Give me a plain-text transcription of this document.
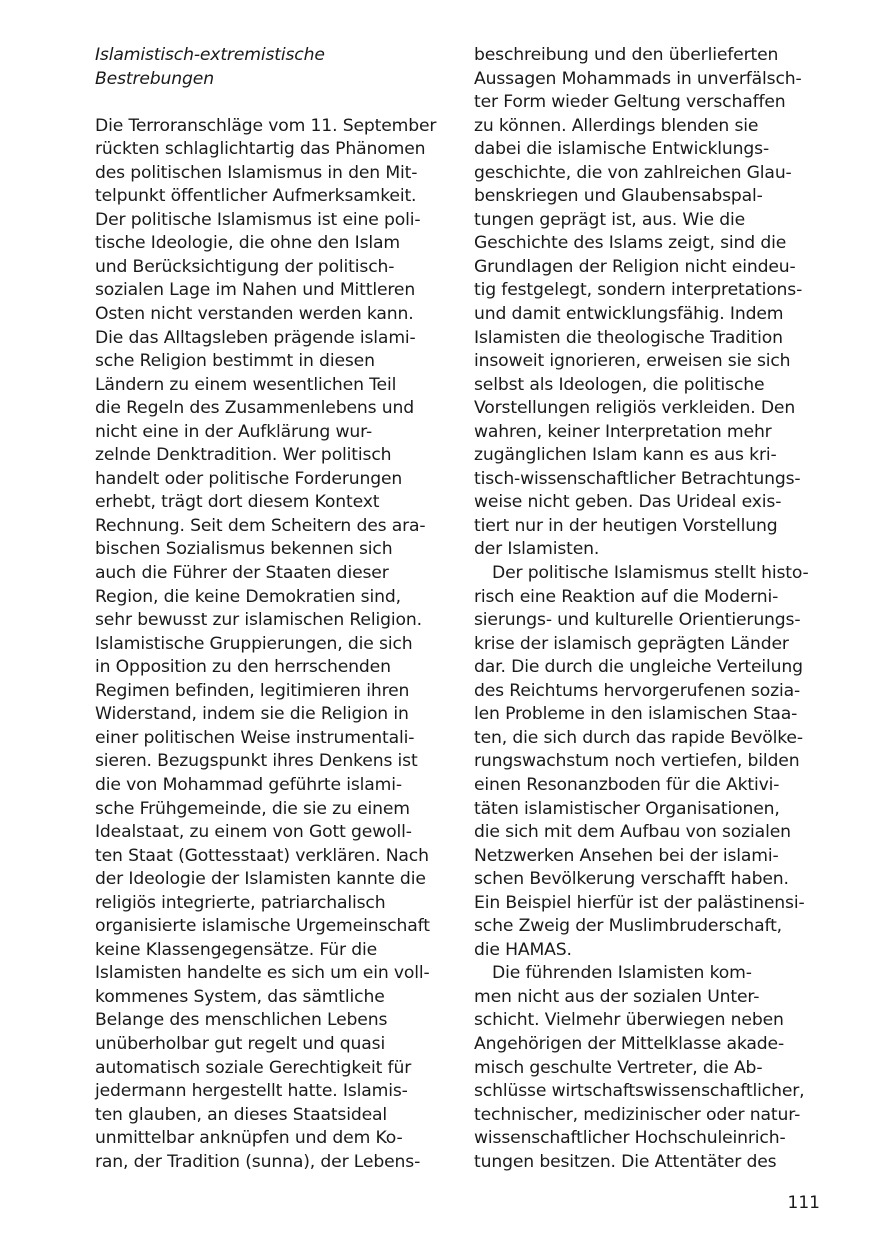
Islamistisch-extremistische
Bestrebungen
Die Terroranschläge vom 11. September
rückten schlaglichtartig das Phänomen
des politischen Islamismus in den Mit-
telpunkt öffentlicher Aufmerksamkeit.
Der politische Islamismus ist eine poli-
tische Ideologie, die ohne den Islam
und Berücksichtigung der politisch-
sozialen Lage im Nahen und Mittleren
Osten nicht verstanden werden kann.
Die das Alltagsleben prägende islami-
sche Religion bestimmt in diesen
Ländern zu einem wesentlichen Teil
die Regeln des Zusammenlebens und
nicht eine in der Aufklärung wur-
zelnde Denktradition. Wer politisch
handelt oder politische Forderungen
erhebt, trägt dort diesem Kontext
Rechnung. Seit dem Scheitern des ara-
bischen Sozialismus bekennen sich
auch die Führer der Staaten dieser
Region, die keine Demokratien sind,
sehr bewusst zur islamischen Religion.
Islamistische Gruppierungen, die sich
in Opposition zu den herrschenden
Regimen befinden, legitimieren ihren
Widerstand, indem sie die Religion in
einer politischen Weise instrumentali-
sieren. Bezugspunkt ihres Denkens ist
die von Mohammad geführte islami-
sche Frühgemeinde, die sie zu einem
Idealstaat, zu einem von Gott gewoll-
ten Staat (Gottesstaat) verklären. Nach
der Ideologie der Islamisten kannte die
religiös integrierte, patriarchalisch
organisierte islamische Urgemeinschaft
keine Klassengegensätze. Für die
Islamisten handelte es sich um ein voll-
kommenes System, das sämtliche
Belange des menschlichen Lebens
unüberholbar gut regelt und quasi
automatisch soziale Gerechtigkeit für
jedermann hergestellt hatte. Islamis-
ten glauben, an dieses Staatsideal
unmittelbar anknüpfen und dem Ko-
ran, der Tradition (sunna), der Lebens-
beschreibung und den überlieferten
Aussagen Mohammads in unverfälsch-
ter Form wieder Geltung verschaffen
zu können. Allerdings blenden sie
dabei die islamische Entwicklungs-
geschichte, die von zahlreichen Glau-
benskriegen und Glaubensabspal-
tungen geprägt ist, aus. Wie die
Geschichte des Islams zeigt, sind die
Grundlagen der Religion nicht eindeu-
tig festgelegt, sondern interpretations-
und damit entwicklungsfähig. Indem
Islamisten die theologische Tradition
insoweit ignorieren, erweisen sie sich
selbst als Ideologen, die politische
Vorstellungen religiös verkleiden. Den
wahren, keiner Interpretation mehr
zugänglichen Islam kann es aus kri-
tisch-wissenschaftlicher Betrachtungs-
weise nicht geben. Das Urideal exis-
tiert nur in der heutigen Vorstellung
der Islamisten.
Der politische Islamismus stellt histo-
risch eine Reaktion auf die Moderni-
sierungs- und kulturelle Orientierungs-
krise der islamisch geprägten Länder
dar. Die durch die ungleiche Verteilung
des Reichtums hervorgerufenen sozia-
len Probleme in den islamischen Staa-
ten, die sich durch das rapide Bevölke-
rungswachstum noch vertiefen, bilden
einen Resonanzboden für die Aktivi-
täten islamistischer Organisationen,
die sich mit dem Aufbau von sozialen
Netzwerken Ansehen bei der islami-
schen Bevölkerung verschafft haben.
Ein Beispiel hierfür ist der palästinensi-
sche Zweig der Muslimbruderschaft,
die HAMAS.
Die führenden Islamisten kom-
men nicht aus der sozialen Unter-
schicht. Vielmehr überwiegen neben
Angehörigen der Mittelklasse akade-
misch geschulte Vertreter, die Ab-
schlüsse wirtschaftswissenschaftlicher,
technischer, medizinischer oder natur-
wissenschaftlicher Hochschuleinrich-
tungen besitzen. Die Attentäter des
111
